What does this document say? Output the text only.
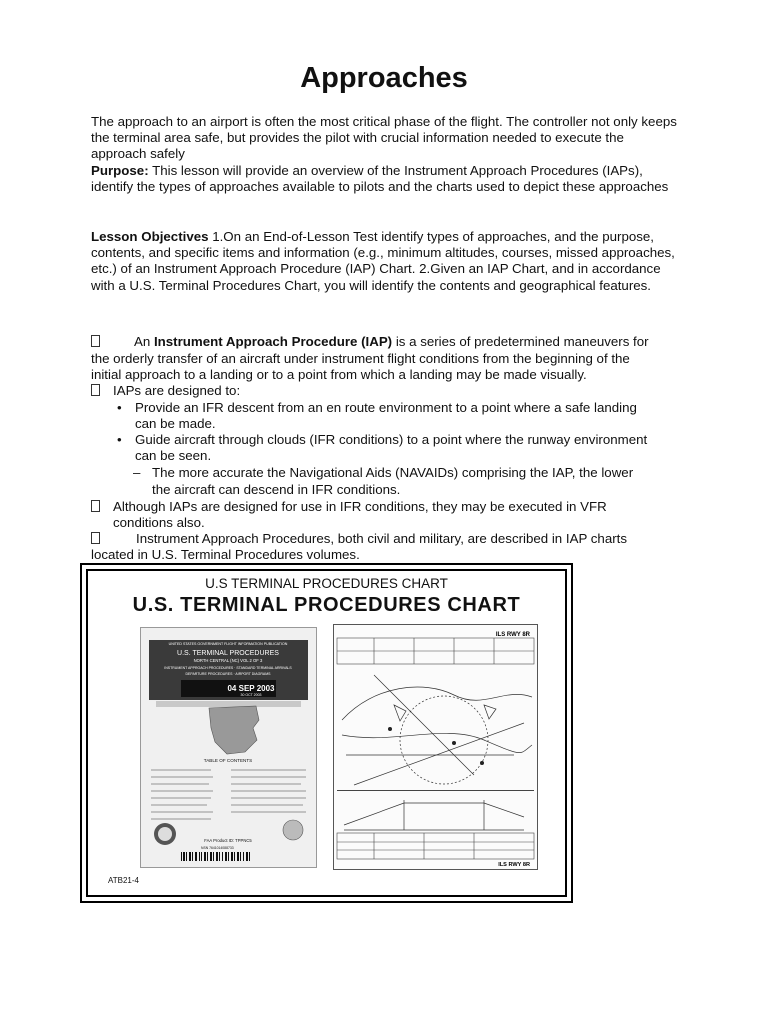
Approaches

The approach to an airport is often the most critical phase of the flight. The controller not only keeps the terminal area safe, but provides the pilot with crucial information needed to execute the approach safely

Purpose: This lesson will provide an overview of the Instrument Approach Procedures (IAPs), identify the types of approaches available to pilots and the charts used to depict these approaches

Lesson Objectives 1.On an End-of-Lesson Test identify types of approaches, and the purpose, contents, and specific items and information (e.g., minimum altitudes, courses, missed approaches, etc.) of an Instrument Approach Procedure (IAP) Chart. 2.Given an IAP Chart, and in accordance with a U.S. Terminal Procedures Chart, you will identify the contents and geographical features.

An Instrument Approach Procedure (IAP) is a series of predetermined maneuvers for
the orderly transfer of an aircraft under instrument flight conditions from the beginning of the
initial approach to a landing or to a point from which a landing may be made visually.
IAPs are designed to:
• Provide an IFR descent from an en route environment to a point where a safe landing
can be made.
• Guide aircraft through clouds (IFR conditions) to a point where the runway environment
can be seen.
– The more accurate the Navigational Aids (NAVAIDs) comprising the IAP, the lower
the aircraft can descend in IFR conditions.
Although IAPs are designed for use in IFR conditions, they may be executed in VFR
conditions also.
Instrument Approach Procedures, both civil and military, are described in IAP charts
located in U.S. Terminal Procedures volumes.
U.S TERMINAL PROCEDURES CHART
U.S. TERMINAL PROCEDURES CHART
UNITED STATES GOVERNMENT FLIGHT INFORMATION PUBLICATION
U.S. TERMINAL PROCEDURES
NORTH CENTRAL (NC) VOL 2 OF 3
INSTRUMENT APPROACH PROCEDURES · STANDARD TERMINAL ARRIVALS
DEPARTURE PROCEDURES · AIRPORT DIAGRAMS
04 SEP 2003
30 OCT 2003
TABLE OF CONTENTS
FAA Product ID: TPPNC5
NSN 7641014088733
ILS RWY 8R
ILS RWY 8R
ATB21-4
